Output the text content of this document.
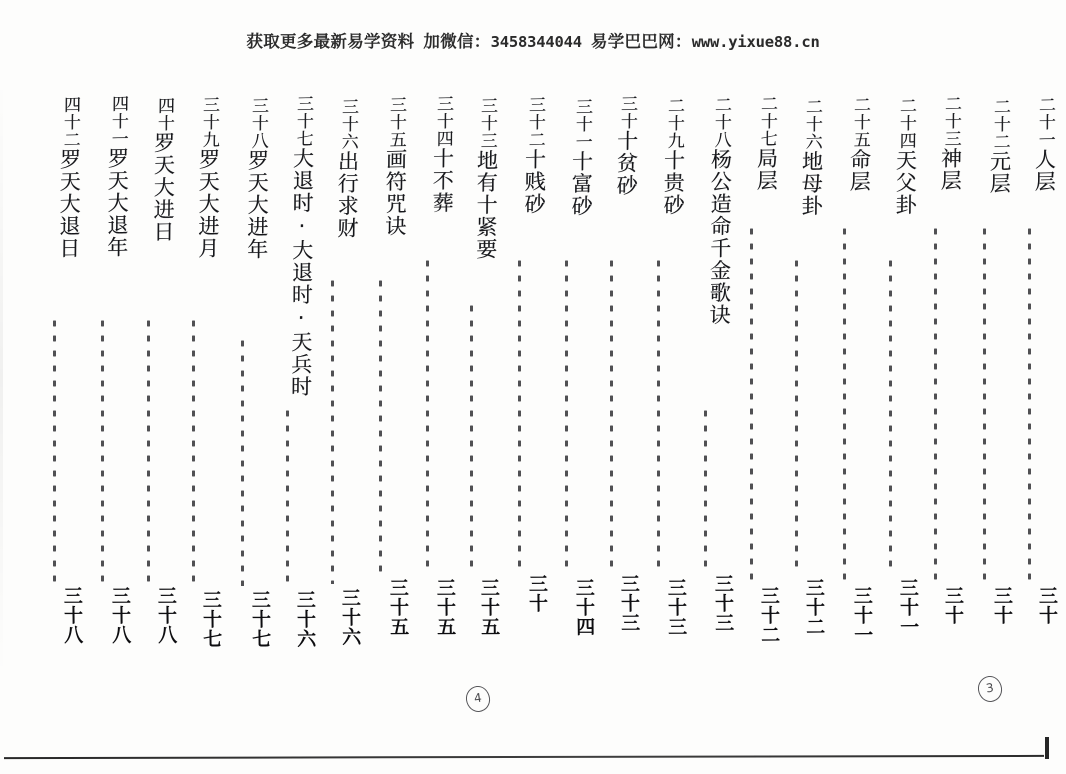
获取更多最新易学资料 加微信：3458344044 易学巴巴网：www.yixue88.cn
二十一人层
三十
二十二元层
三十
二十三神层
三十
二十四天父卦
三十一
二十五命层
三十一
二十六地母卦
三十二
二十七局层
三十二
二十八杨公造命千金歌诀
三十三
二十九十贵砂
三十三
三十十贫砂
三十三
三十一十富砂
三十四
三十二十贱砂
三十
三十三地有十紧要
三十五
三十四十不葬
三十五
三十五画符咒诀
三十五
三十六出行求财
三十六
三十七大退时·大退时·天兵时
三十六
三十八罗天大进年
三十七
三十九罗天大进月
三十七
四十罗天大进日
三十八
四十一罗天大退年
三十八
四十二罗天大退日
三十八
4
3
